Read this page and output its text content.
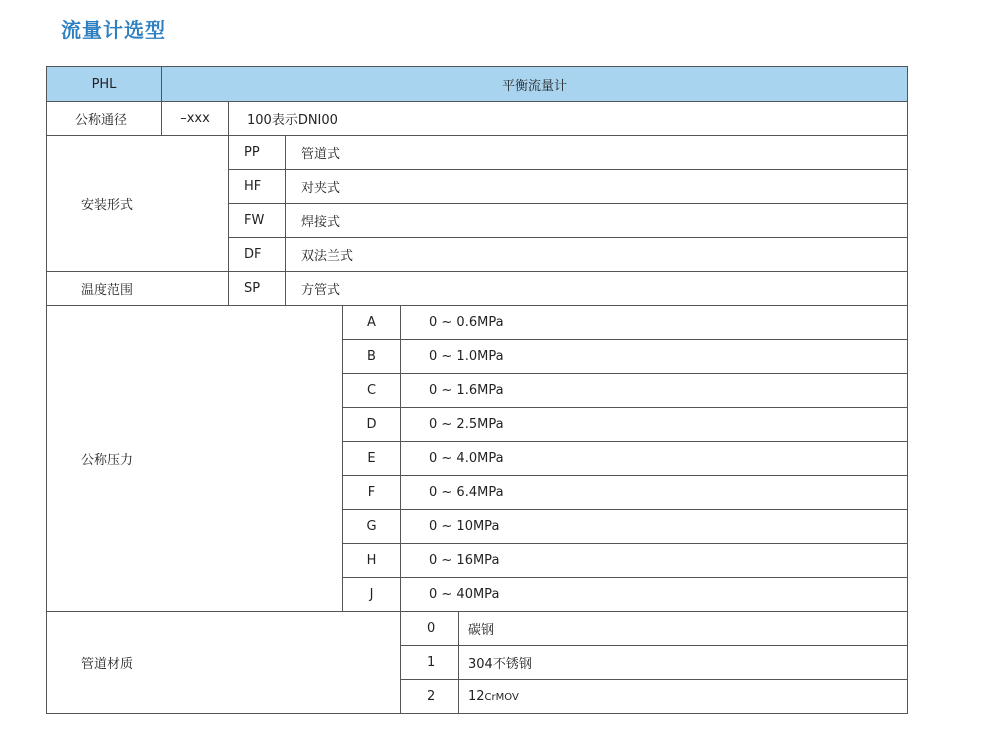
流量计选型
PHL	平衡流量计					
公称通径	–xxx	100表示DNI00				
安装形式		PP	管道式			
		HF	对夹式			
		FW	焊接式			
		DF	双法兰式			
温度范围		SP	方管式			
公称压力				A	0 ~ 0.6MPa	
				B	0 ~ 1.0MPa	
				C	0 ~ 1.6MPa	
				D	0 ~ 2.5MPa	
				E	0 ~ 4.0MPa	
				F	0 ~ 6.4MPa	
				G	0 ~ 10MPa	
				H	0 ~ 16MPa	
				J	0 ~ 40MPa	
管道材质					0	碳钢
					1	304不锈钢
					2	12CrMOV
